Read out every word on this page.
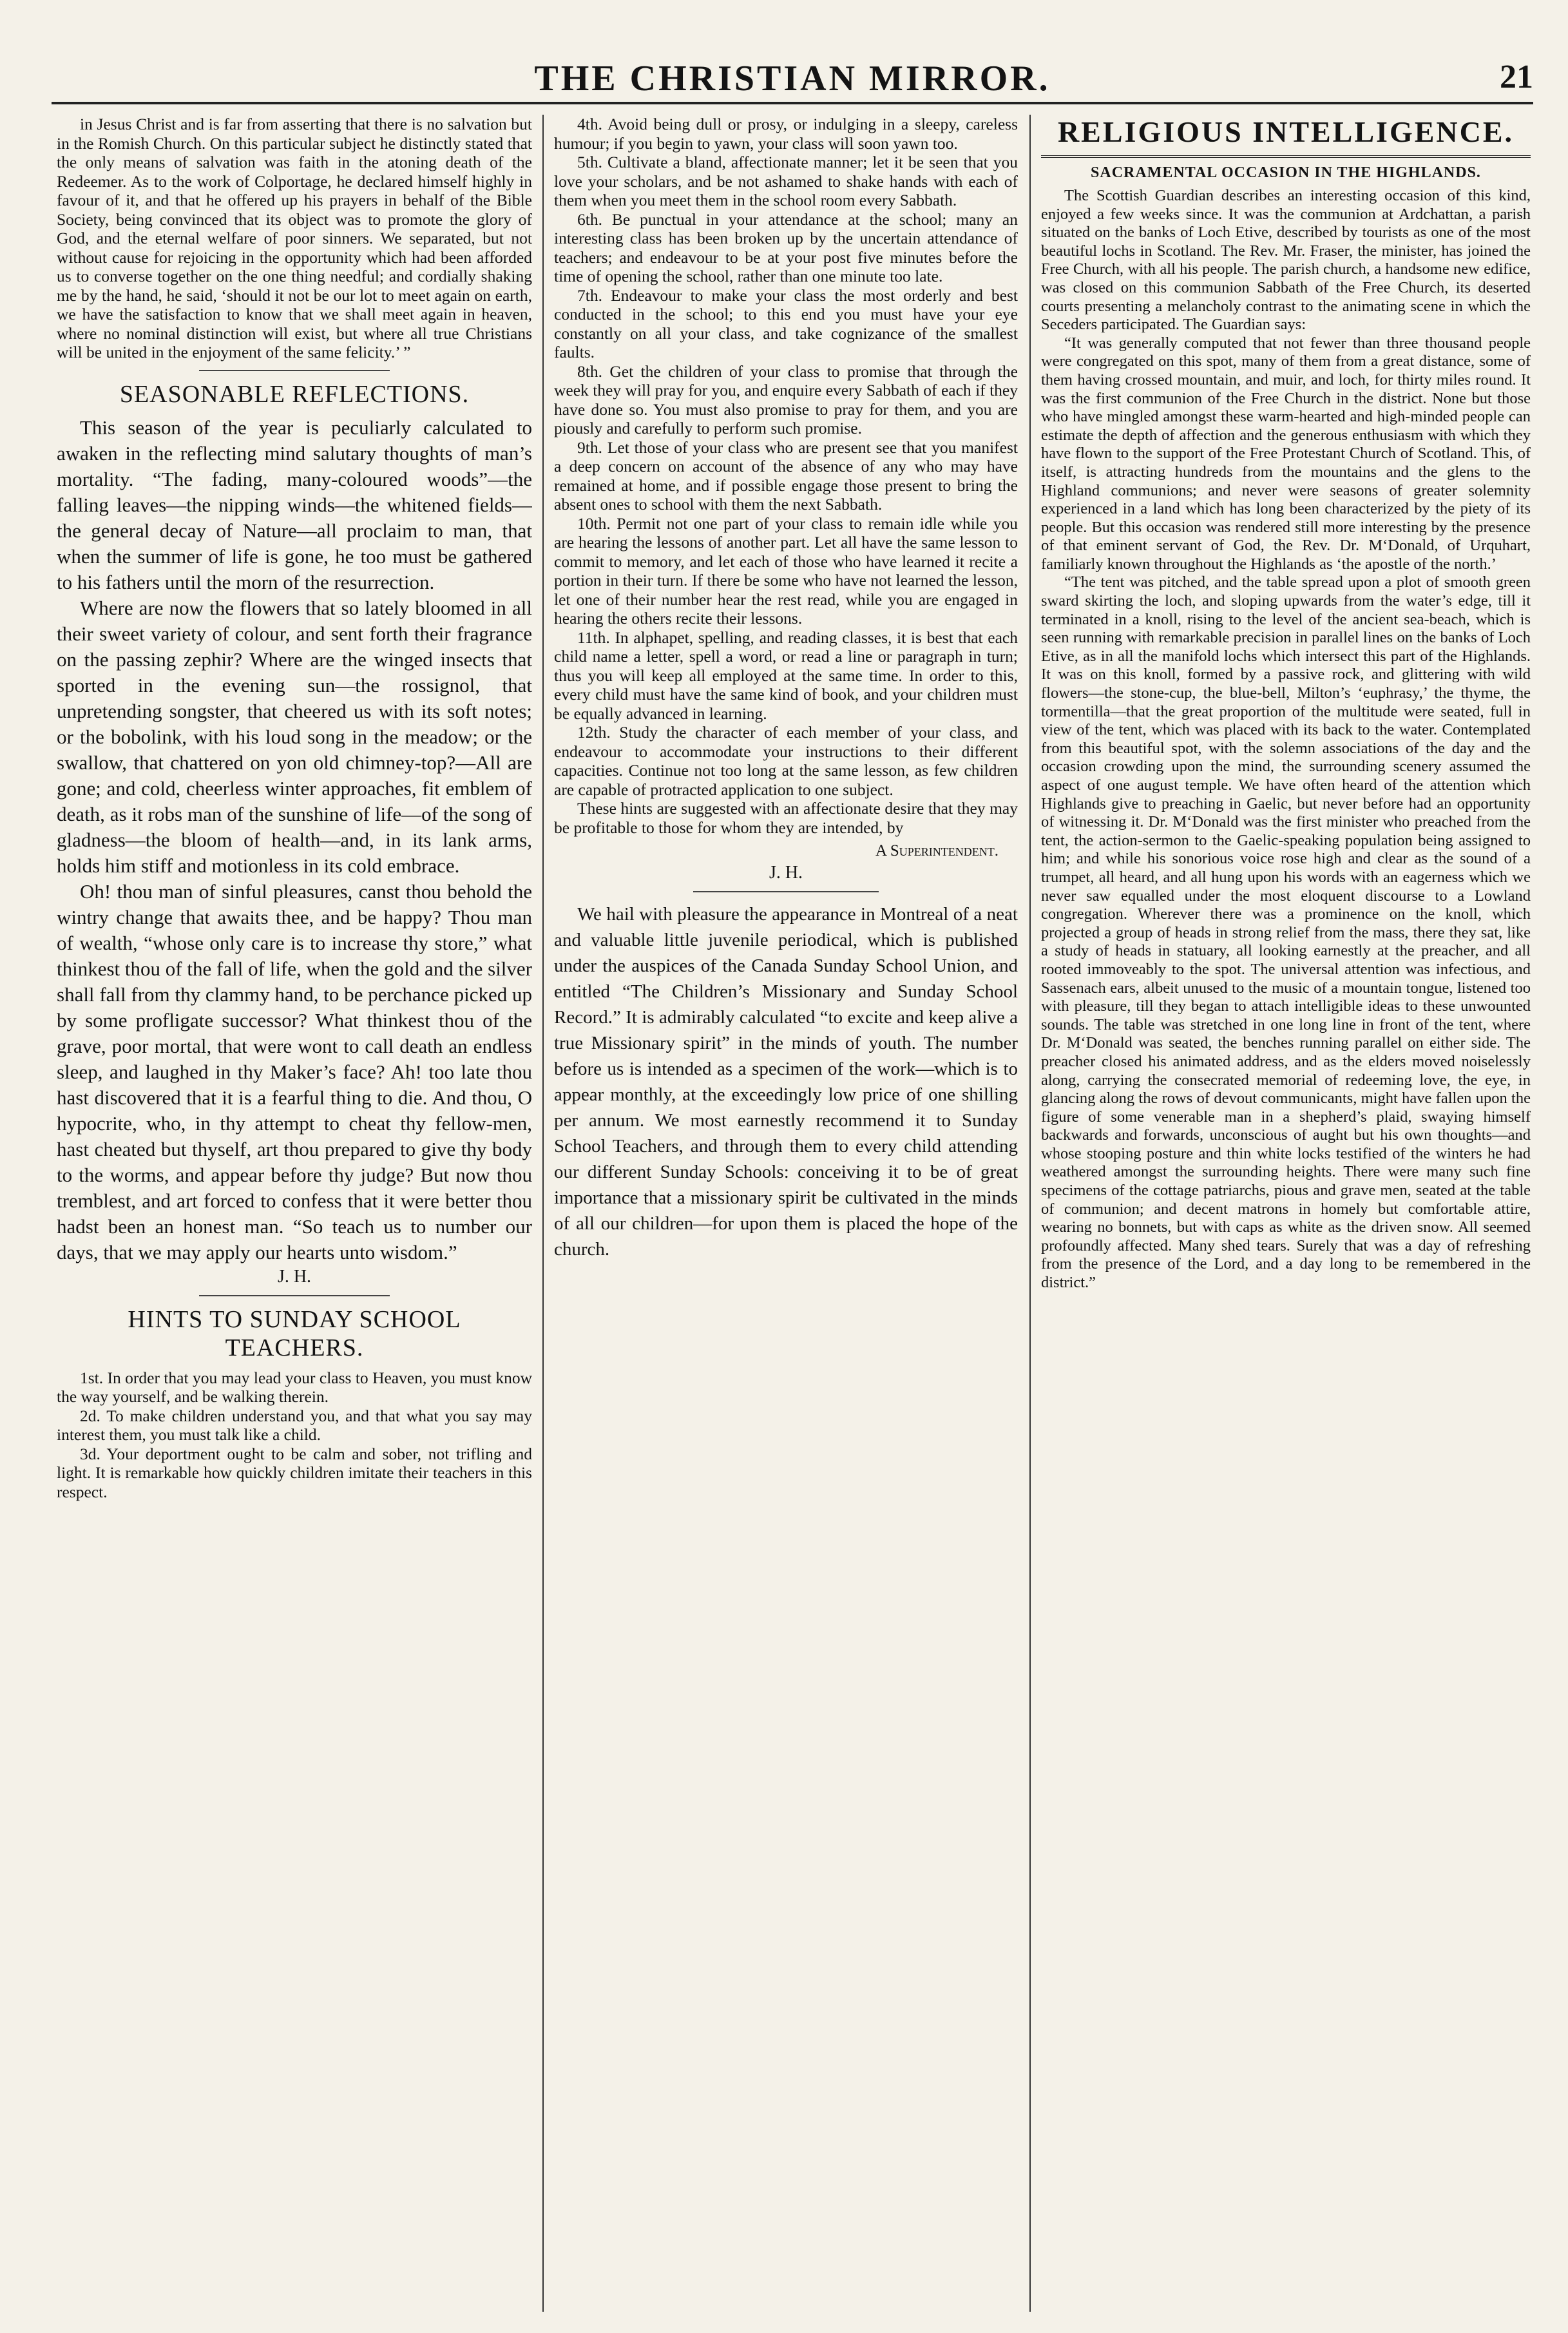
THE CHRISTIAN MIRROR.	21

in Jesus Christ and is far from asserting that there is no salvation but in the Romish Church. On this particular subject he distinctly stated that the only means of salvation was faith in the atoning death of the Redeemer. As to the work of Colportage, he declared himself highly in favour of it, and that he offered up his prayers in behalf of the Bible Society, being convinced that its object was to promote the glory of God, and the eternal welfare of poor sinners. We separated, but not without cause for rejoicing in the opportunity which had been afforded us to converse together on the one thing needful; and cordially shaking me by the hand, he said, ‘should it not be our lot to meet again on earth, we have the satisfaction to know that we shall meet again in heaven, where no nominal distinction will exist, but where all true Christians will be united in the enjoyment of the same felicity.’ ”

SEASONABLE REFLECTIONS.

This season of the year is peculiarly calculated to awaken in the reflecting mind salutary thoughts of man’s mortality. “The fading, many-coloured woods”—the falling leaves—the nipping winds—the whitened fields—the general decay of Nature—all proclaim to man, that when the summer of life is gone, he too must be gathered to his fathers until the morn of the resurrection.

Where are now the flowers that so lately bloomed in all their sweet variety of colour, and sent forth their fragrance on the passing zephir? Where are the winged insects that sported in the evening sun—the rossignol, that unpretending songster, that cheered us with its soft notes; or the bobolink, with his loud song in the meadow; or the swallow, that chattered on yon old chimney-top?—All are gone; and cold, cheerless winter approaches, fit emblem of death, as it robs man of the sunshine of life—of the song of gladness—the bloom of health—and, in its lank arms, holds him stiff and motionless in its cold embrace.

Oh! thou man of sinful pleasures, canst thou behold the wintry change that awaits thee, and be happy? Thou man of wealth, “whose only care is to increase thy store,” what thinkest thou of the fall of life, when the gold and the silver shall fall from thy clammy hand, to be perchance picked up by some profligate successor? What thinkest thou of the grave, poor mortal, that were wont to call death an endless sleep, and laughed in thy Maker’s face? Ah! too late thou hast discovered that it is a fearful thing to die. And thou, O hypocrite, who, in thy attempt to cheat thy fellow-men, hast cheated but thyself, art thou prepared to give thy body to the worms, and appear before thy judge? But now thou tremblest, and art forced to confess that it were better thou hadst been an honest man. “So teach us to number our days, that we may apply our hearts unto wisdom.”

J. H.
HINTS TO SUNDAY SCHOOL TEACHERS.

1st. In order that you may lead your class to Heaven, you must know the way yourself, and be walking therein.

2d. To make children understand you, and that what you say may interest them, you must talk like a child.

3d. Your deportment ought to be calm and sober, not trifling and light. It is remarkable how quickly children imitate their teachers in this respect.

4th. Avoid being dull or prosy, or indulging in a sleepy, careless humour; if you begin to yawn, your class will soon yawn too.

5th. Cultivate a bland, affectionate manner; let it be seen that you love your scholars, and be not ashamed to shake hands with each of them when you meet them in the school room every Sabbath.

6th. Be punctual in your attendance at the school; many an interesting class has been broken up by the uncertain attendance of teachers; and endeavour to be at your post five minutes before the time of opening the school, rather than one minute too late.

7th. Endeavour to make your class the most orderly and best conducted in the school; to this end you must have your eye constantly on all your class, and take cognizance of the smallest faults.

8th. Get the children of your class to promise that through the week they will pray for you, and enquire every Sabbath of each if they have done so. You must also promise to pray for them, and you are piously and carefully to perform such promise.

9th. Let those of your class who are present see that you manifest a deep concern on account of the absence of any who may have remained at home, and if possible engage those present to bring the absent ones to school with them the next Sabbath.

10th. Permit not one part of your class to remain idle while you are hearing the lessons of another part. Let all have the same lesson to commit to memory, and let each of those who have learned it recite a portion in their turn. If there be some who have not learned the lesson, let one of their number hear the rest read, while you are engaged in hearing the others recite their lessons.

11th. In alphapet, spelling, and reading classes, it is best that each child name a letter, spell a word, or read a line or paragraph in turn; thus you will keep all employed at the same time. In order to this, every child must have the same kind of book, and your children must be equally advanced in learning.

12th. Study the character of each member of your class, and endeavour to accommodate your instructions to their different capacities. Continue not too long at the same lesson, as few children are capable of protracted application to one subject.

These hints are suggested with an affectionate desire that they may be profitable to those for whom they are intended, by

A Superintendent.
J. H.

We hail with pleasure the appearance in Montreal of a neat and valuable little juvenile periodical, which is published under the auspices of the Canada Sunday School Union, and entitled “The Children’s Missionary and Sunday School Record.” It is admirably calculated “to excite and keep alive a true Missionary spirit” in the minds of youth. The number before us is intended as a specimen of the work—which is to appear monthly, at the exceedingly low price of one shilling per annum. We most earnestly recommend it to Sunday School Teachers, and through them to every child attending our different Sunday Schools: conceiving it to be of great importance that a missionary spirit be cultivated in the minds of all our children—for upon them is placed the hope of the church.

RELIGIOUS INTELLIGENCE.
SACRAMENTAL OCCASION IN THE HIGHLANDS.

The Scottish Guardian describes an interesting occasion of this kind, enjoyed a few weeks since. It was the communion at Ardchattan, a parish situated on the banks of Loch Etive, described by tourists as one of the most beautiful lochs in Scotland. The Rev. Mr. Fraser, the minister, has joined the Free Church, with all his people. The parish church, a handsome new edifice, was closed on this communion Sabbath of the Free Church, its deserted courts presenting a melancholy contrast to the animating scene in which the Seceders participated. The Guardian says:

“It was generally computed that not fewer than three thousand people were congregated on this spot, many of them from a great distance, some of them having crossed mountain, and muir, and loch, for thirty miles round. It was the first communion of the Free Church in the district. None but those who have mingled amongst these warm-hearted and high-minded people can estimate the depth of affection and the generous enthusiasm with which they have flown to the support of the Free Protestant Church of Scotland. This, of itself, is attracting hundreds from the mountains and the glens to the Highland communions; and never were seasons of greater solemnity experienced in a land which has long been characterized by the piety of its people. But this occasion was rendered still more interesting by the presence of that eminent servant of God, the Rev. Dr. M‘Donald, of Urquhart, familiarly known throughout the Highlands as ‘the apostle of the north.’

“The tent was pitched, and the table spread upon a plot of smooth green sward skirting the loch, and sloping upwards from the water’s edge, till it terminated in a knoll, rising to the level of the ancient sea-beach, which is seen running with remarkable precision in parallel lines on the banks of Loch Etive, as in all the manifold lochs which intersect this part of the Highlands. It was on this knoll, formed by a passive rock, and glittering with wild flowers—the stone-cup, the blue-bell, Milton’s ‘euphrasy,’ the thyme, the tormentilla—that the great proportion of the multitude were seated, full in view of the tent, which was placed with its back to the water. Contemplated from this beautiful spot, with the solemn associations of the day and the occasion crowding upon the mind, the surrounding scenery assumed the aspect of one august temple. We have often heard of the attention which Highlands give to preaching in Gaelic, but never before had an opportunity of witnessing it. Dr. M‘Donald was the first minister who preached from the tent, the action-sermon to the Gaelic-speaking population being assigned to him; and while his sonorious voice rose high and clear as the sound of a trumpet, all heard, and all hung upon his words with an eagerness which we never saw equalled under the most eloquent discourse to a Lowland congregation. Wherever there was a prominence on the knoll, which projected a group of heads in strong relief from the mass, there they sat, like a study of heads in statuary, all looking earnestly at the preacher, and all rooted immoveably to the spot. The universal attention was infectious, and Sassenach ears, albeit unused to the music of a mountain tongue, listened too with pleasure, till they began to attach intelligible ideas to these unwounted sounds. The table was stretched in one long line in front of the tent, where Dr. M‘Donald was seated, the benches running parallel on either side. The preacher closed his animated address, and as the elders moved noiselessly along, carrying the consecrated memorial of redeeming love, the eye, in glancing along the rows of devout communicants, might have fallen upon the figure of some venerable man in a shepherd’s plaid, swaying himself backwards and forwards, unconscious of aught but his own thoughts—and whose stooping posture and thin white locks testified of the winters he had weathered amongst the surrounding heights. There were many such fine specimens of the cottage patriarchs, pious and grave men, seated at the table of communion; and decent matrons in homely but comfortable attire, wearing no bonnets, but with caps as white as the driven snow. All seemed profoundly affected. Many shed tears. Surely that was a day of refreshing from the presence of the Lord, and a day long to be remembered in the district.”
